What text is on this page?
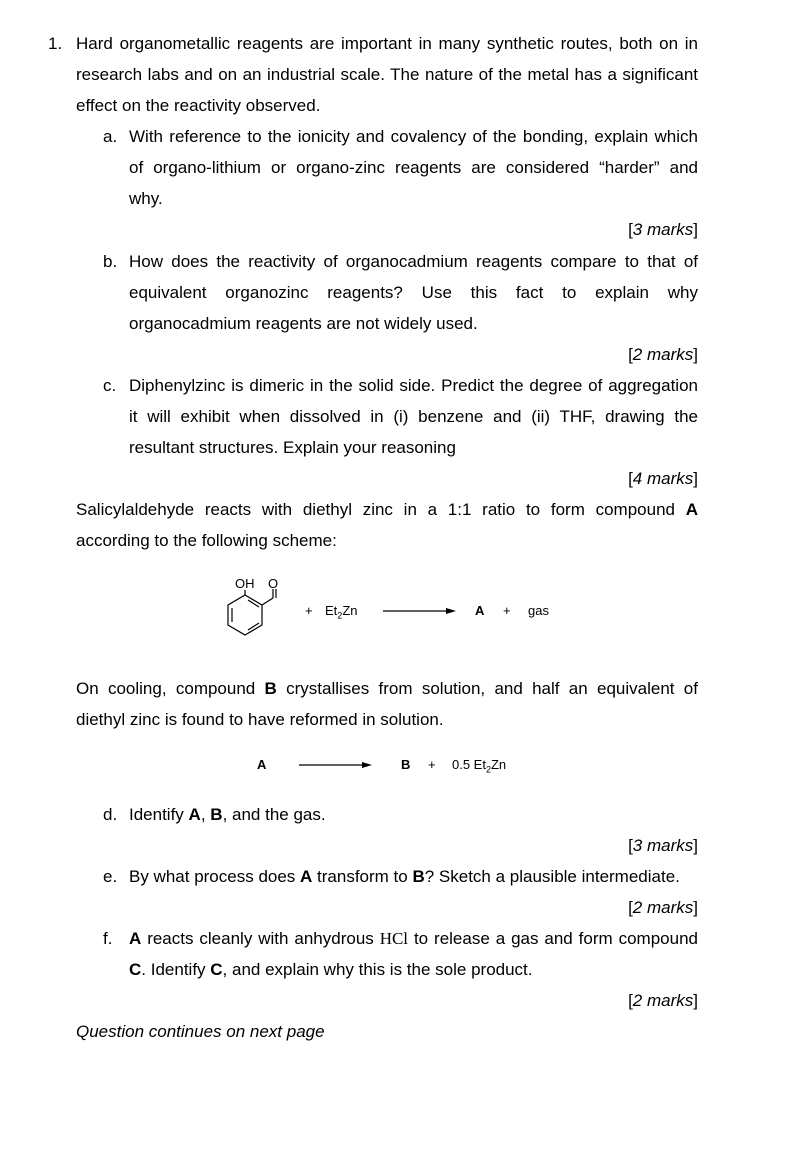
1. Hard organometallic reagents are important in many synthetic routes, both on in
research labs and on an industrial scale. The nature of the metal has a significant
effect on the reactivity observed.
a. With reference to the ionicity and covalency of the bonding, explain which
of organo-lithium or organo-zinc reagents are considered “harder” and
why.
[3 marks]
b. How does the reactivity of organocadmium reagents compare to that of
equivalent organozinc reagents? Use this fact to explain why
organocadmium reagents are not widely used.
[2 marks]
c. Diphenylzinc is dimeric in the solid side. Predict the degree of aggregation
it will exhibit when dissolved in (i) benzene and (ii) THF, drawing the
resultant structures. Explain your reasoning
[4 marks]
Salicylaldehyde reacts with diethyl zinc in a 1:1 ratio to form compound A
according to the following scheme:
OH O
+ $Et_2Zn$	A + gas
On cooling, compound B crystallises from solution, and half an equivalent of
diethyl zinc is found to have reformed in solution.
A	B + 0.5 $Et_2Zn$
d. Identify A, B, and the gas.
[3 marks]
e. By what process does A transform to B? Sketch a plausible intermediate.
[2 marks]
f. A reacts cleanly with anhydrous HCl to release a gas and form compound
C. Identify C, and explain why this is the sole product.
[2 marks]
Question continues on next page
